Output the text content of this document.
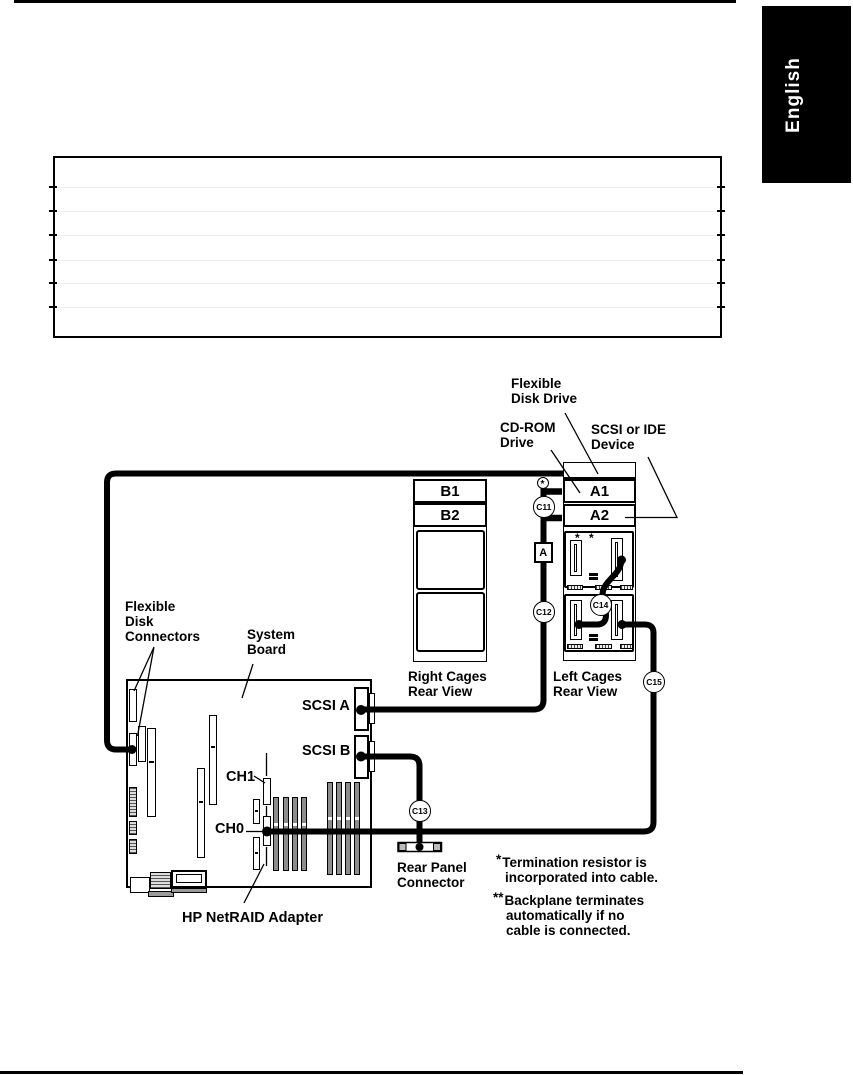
English
B1
B2
A1
A2
* *
*
C11
C12
C13
C14
C15
A
Flexible
Disk Drive
CD-ROM
Drive
SCSI or IDE
Device
Right Cages
Rear View
Left Cages
Rear View
Flexible
Disk
Connectors	System
Board
SCSI A
SCSI B
CH1
CH0
HP NetRAID Adapter
Rear Panel
Connector
*Termination resistor is
incorporated into cable.
**Backplane terminates
automatically if no
cable is connected.
